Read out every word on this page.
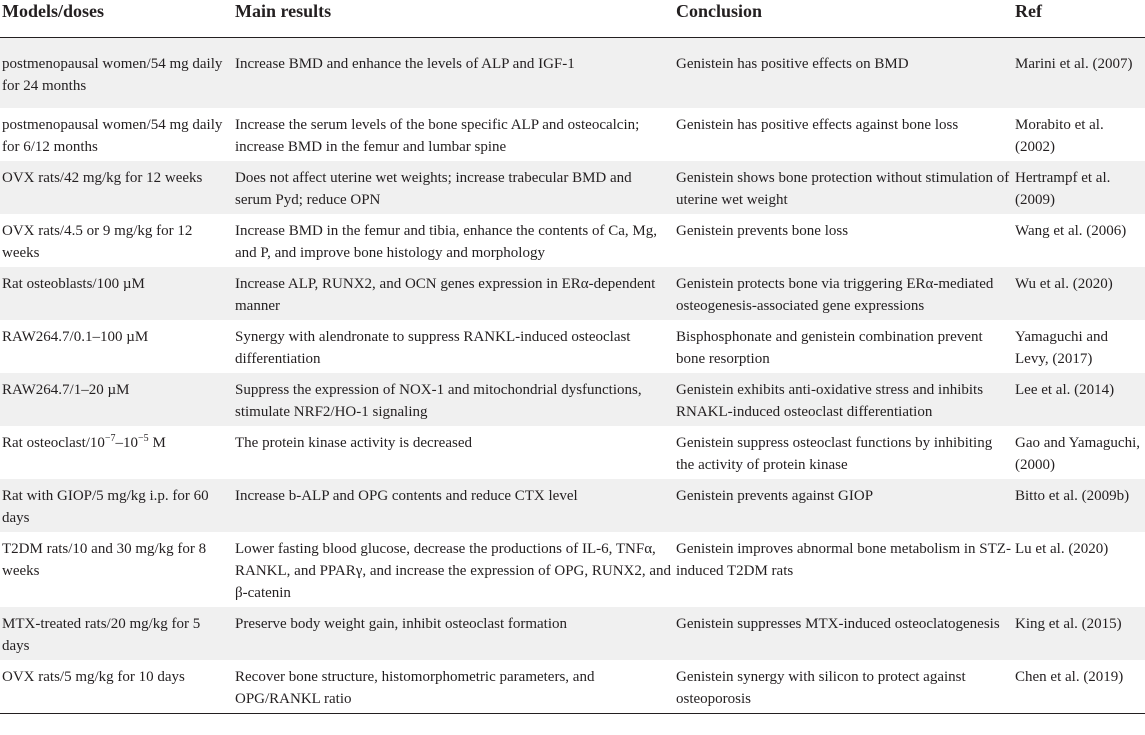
Models/doses	Main results	Conclusion	Ref
postmenopausal women/54 mg daily for 24 months	Increase BMD and enhance the levels of ALP and IGF-1	Genistein has positive effects on BMD	Marini et al. (2007)
postmenopausal women/54 mg daily for 6/12 months	Increase the serum levels of the bone specific ALP and osteocalcin; increase BMD in the femur and lumbar spine	Genistein has positive effects against bone loss	Morabito et al. (2002)
OVX rats/42 mg/kg for 12 weeks	Does not affect uterine wet weights; increase trabecular BMD and serum Pyd; reduce OPN	Genistein shows bone protection without stimulation of uterine wet weight	Hertrampf et al. (2009)
OVX rats/4.5 or 9 mg/kg for 12 weeks	Increase BMD in the femur and tibia, enhance the contents of Ca, Mg, and P, and improve bone histology and morphology	Genistein prevents bone loss	Wang et al. (2006)
Rat osteoblasts/100 µM	Increase ALP, RUNX2, and OCN genes expression in ERα-dependent manner	Genistein protects bone via triggering ERα-mediated osteogenesis-associated gene expressions	Wu et al. (2020)
RAW264.7/0.1–100 µM	Synergy with alendronate to suppress RANKL-induced osteoclast differentiation	Bisphosphonate and genistein combination prevent bone resorption	Yamaguchi and Levy, (2017)
RAW264.7/1–20 µM	Suppress the expression of NOX-1 and mitochondrial dysfunctions, stimulate NRF2/HO-1 signaling	Genistein exhibits anti-oxidative stress and inhibits RNAKL-induced osteoclast differentiation	Lee et al. (2014)
Rat osteoclast/$10^{-7}-10^{-5}$ M	The protein kinase activity is decreased	Genistein suppress osteoclast functions by inhibiting the activity of protein kinase	Gao and Yamaguchi, (2000)
Rat with GIOP/5 mg/kg i.p. for 60 days	Increase b-ALP and OPG contents and reduce CTX level	Genistein prevents against GIOP	Bitto et al. (2009b)
T2DM rats/10 and 30 mg/kg for 8 weeks	Lower fasting blood glucose, decrease the productions of IL-6, TNFα, RANKL, and PPARγ, and increase the expression of OPG, RUNX2, and β-catenin	Genistein improves abnormal bone metabolism in STZ-induced T2DM rats	Lu et al. (2020)
MTX-treated rats/20 mg/kg for 5 days	Preserve body weight gain, inhibit osteoclast formation	Genistein suppresses MTX-induced osteoclatogenesis	King et al. (2015)
OVX rats/5 mg/kg for 10 days	Recover bone structure, histomorphometric parameters, and OPG/RANKL ratio	Genistein synergy with silicon to protect against osteoporosis	Chen et al. (2019)
